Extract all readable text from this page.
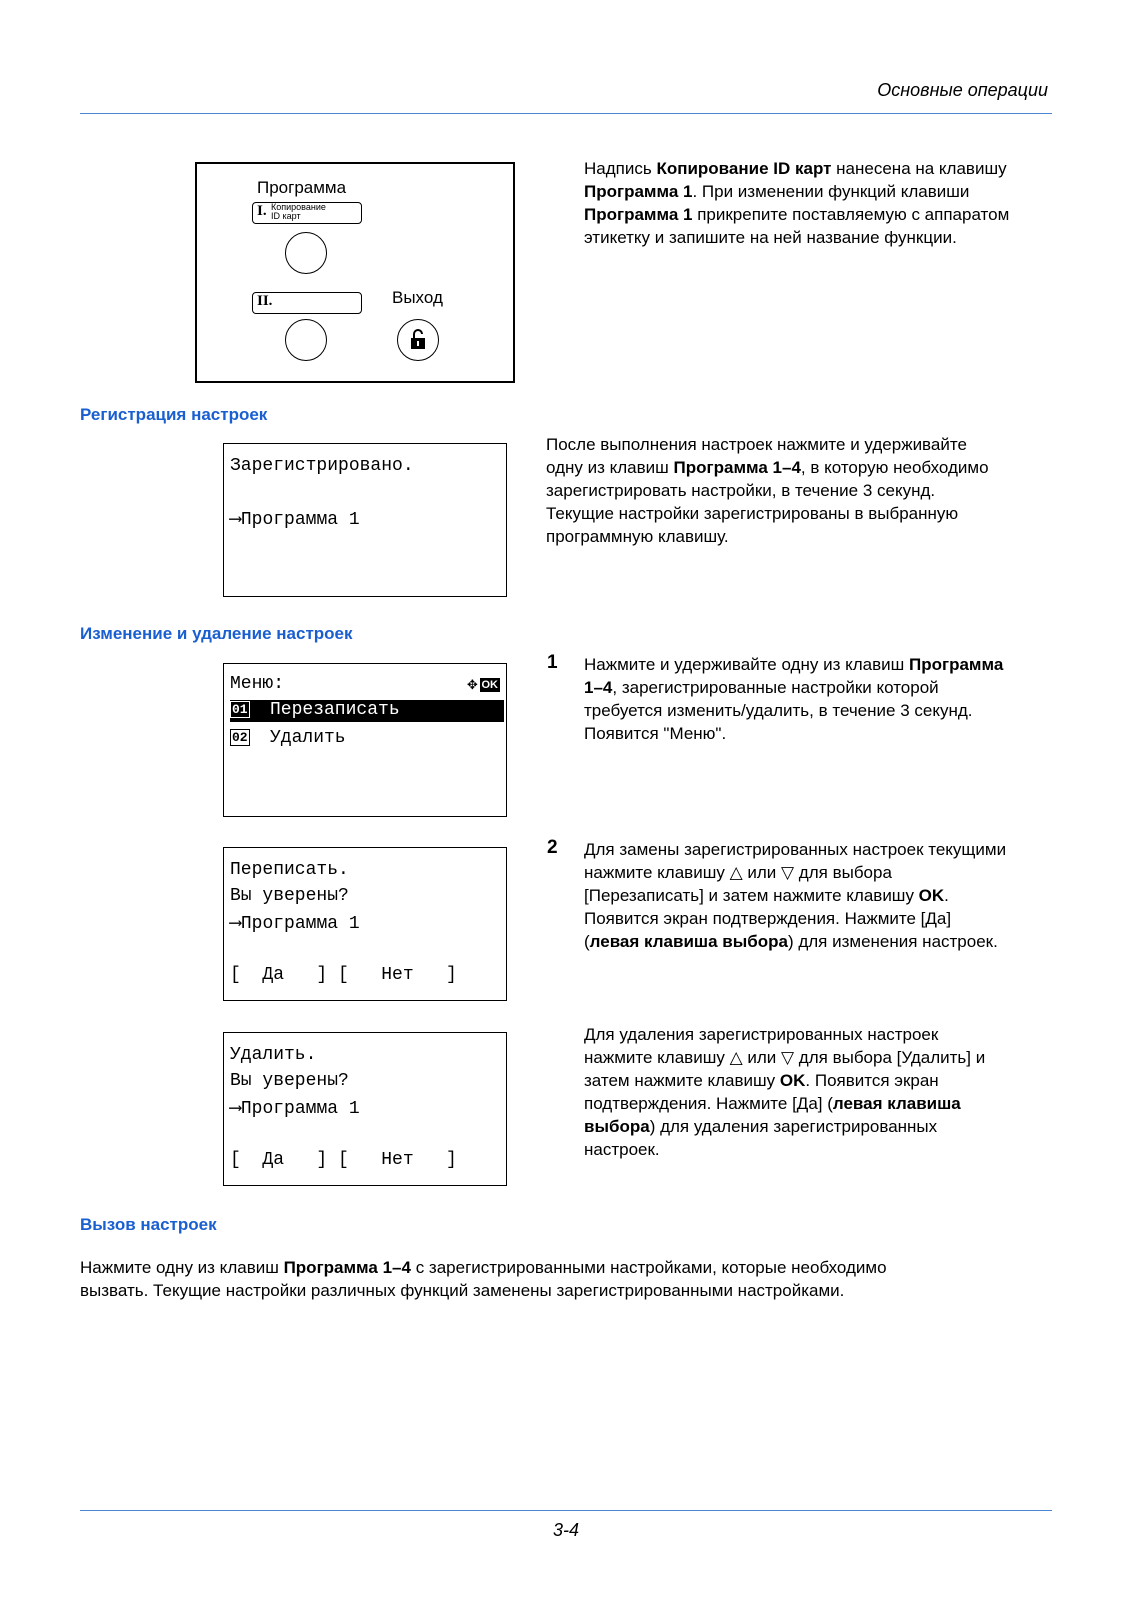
Основные операции
Программа
I. Копирование
ID карт
II.	Выход
Надпись Копирование ID карт нанесена на клавишу
Программа 1. При изменении функций клавиши
Программа 1 прикрепите поставляемую с аппаратом
этикетку и запишите на ней название функции.
Регистрация настроек
Зарегистрировано.
⟶Программа 1
После выполнения настроек нажмите и удерживайте
одну из клавиш Программа 1–4, в которую необходимо
зарегистрировать настройки, в течение 3 секунд.
Текущие настройки зарегистрированы в выбранную
программную клавишу.
Изменение и удаление настроек
Меню:	✥ OK
01 Перезаписать
02 Удалить
1 Нажмите и удерживайте одну из клавиш Программа
1–4, зарегистрированные настройки которой
требуется изменить/удалить, в течение 3 секунд.
Появится "Меню".
Переписать.
Вы уверены?
⟶Программа 1
[  Да   ] [   Нет   ]
2 Для замены зарегистрированных настроек текущими
нажмите клавишу △ или ▽ для выбора
[Перезаписать] и затем нажмите клавишу OK.
Появится экран подтверждения. Нажмите [Да]
(левая клавиша выбора) для изменения настроек.
Удалить.
Вы уверены?
⟶Программа 1
[  Да   ] [   Нет   ]
Для удаления зарегистрированных настроек
нажмите клавишу △ или ▽ для выбора [Удалить] и
затем нажмите клавишу OK. Появится экран
подтверждения. Нажмите [Да] (левая клавиша
выбора) для удаления зарегистрированных
настроек.
Вызов настроек
Нажмите одну из клавиш Программа 1–4 с зарегистрированными настройками, которые необходимо
вызвать. Текущие настройки различных функций заменены зарегистрированными настройками.
3-4
